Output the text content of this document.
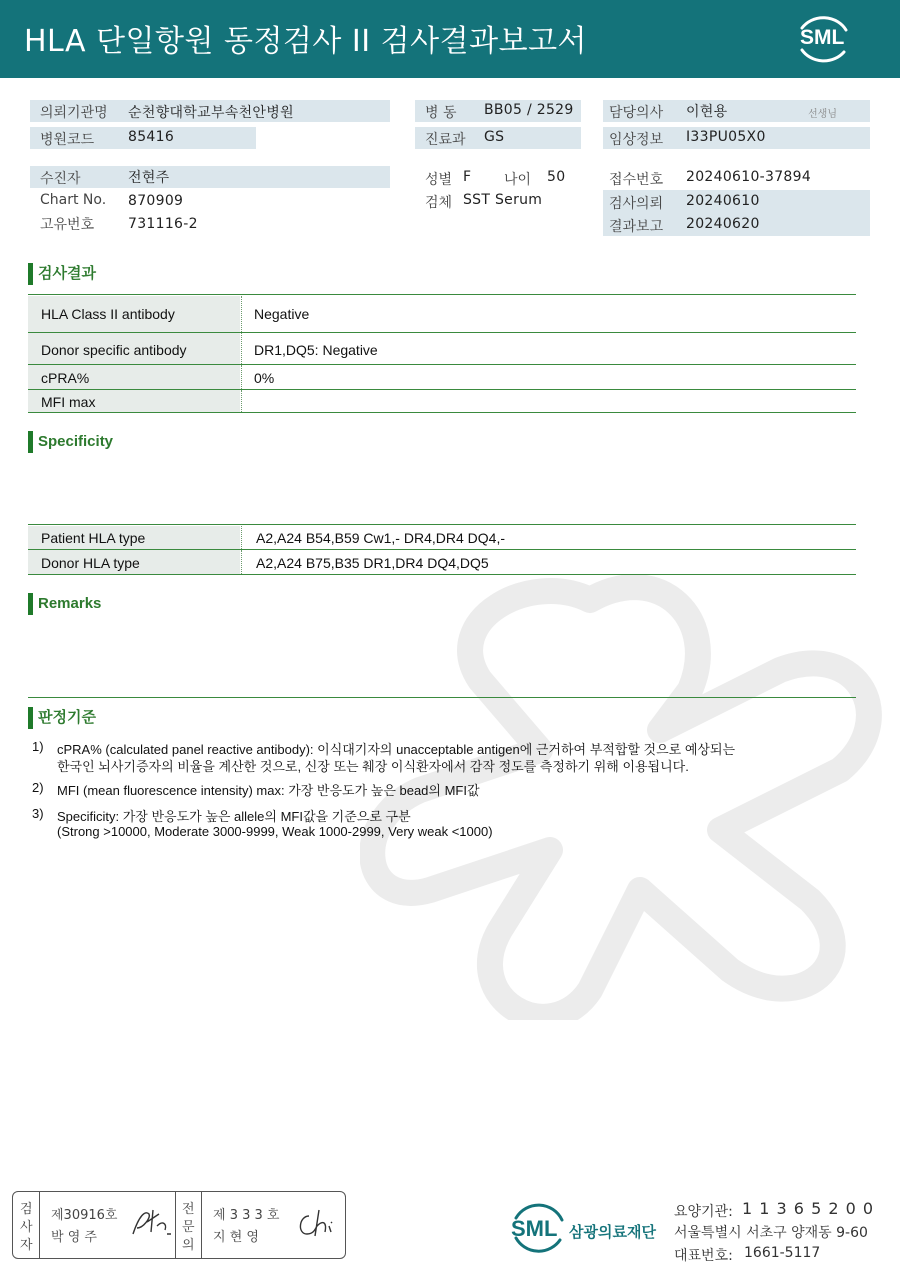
HLA 단일항원 동정검사 II 검사결과보고서	SML
의뢰기관명 순천향대학교부속천안병원
병원코드 85416
병 동 BB05 / 2529
진료과 GS
담당의사 이현용	선생님
임상정보 I33PU05X0
수진자	전현주
Chart No. 870909
고유번호 731116-2
성별 F 나이 50
검체 SST Serum
접수번호 20240610-37894
검사의뢰 20240610
결과보고 20240620
검사결과
HLA Class II antibody	Negative
Donor specific antibody	DR1,DQ5: Negative
cPRA%	0%
MFI max
Specificity
Patient HLA type	A2,A24 B54,B59 Cw1,- DR4,DR4 DQ4,-
Donor HLA type	A2,A24 B75,B35 DR1,DR4 DQ4,DQ5
Remarks
판정기준
1) cPRA% (calculated panel reactive antibody): 이식대기자의 unacceptable antigen에 근거하여 부적합할 것으로 예상되는
한국인 뇌사기증자의 비율을 계산한 것으로, 신장 또는 췌장 이식환자에서 감작 정도를 측정하기 위해 이용됩니다.
2) MFI (mean fluorescence intensity) max: 가장 반응도가 높은 bead의 MFI값
3) Specificity: 가장 반응도가 높은 allele의 MFI값을 기준으로 구분
(Strong >10000, Moderate 3000-9999, Weak 1000-2999, Very weak <1000)
검
사
자
제30916호
박 영 주
전
문
의
제 3 3 3 호
지 현 영	SML 삼광의료재단
요양기관: 1 1 3 6 5 2 0 0
서울특별시 서초구 양재동 9-60
대표번호: 1661-5117
